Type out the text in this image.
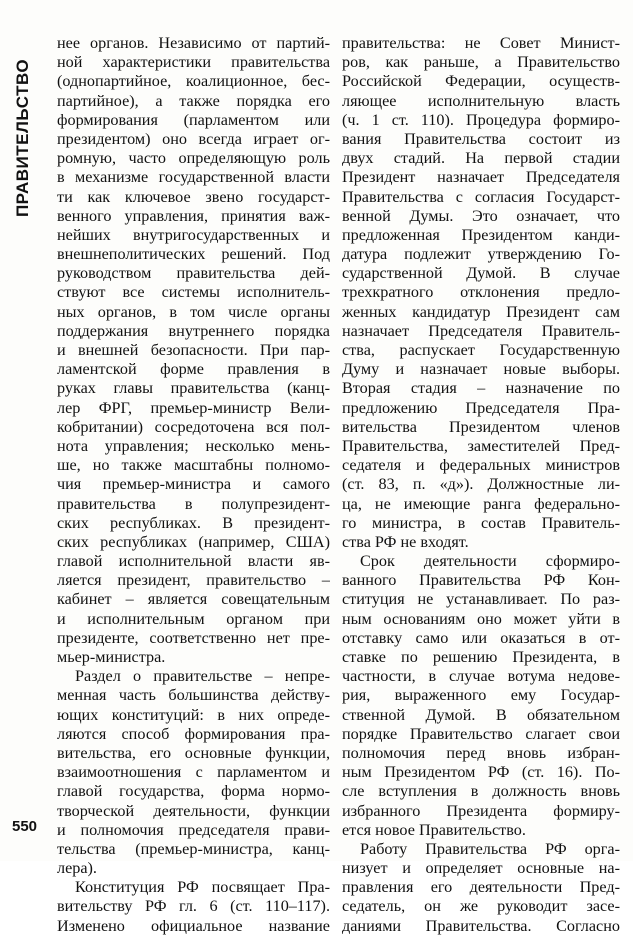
ПРАВИТЕЛЬСТВО
нее органов. Независимо от партий-
ной характеристики правительства
(однопартийное, коалиционное, бес-
партийное), а также порядка его
формирования (парламентом или
президентом) оно всегда играет ог-
ромную, часто определяющую роль
в механизме государственной власти
ти как ключевое звено государст-
венного управления, принятия важ-
нейших внутригосударственных и
внешнеполитических решений. Под
руководством правительства дей-
ствуют все системы исполнитель-
ных органов, в том числе органы
поддержания внутреннего порядка
и внешней безопасности. При пар-
ламентской форме правления в
руках главы правительства (канц-
лер ФРГ, премьер-министр Вели-
кобритании) сосредоточена вся пол-
нота управления; несколько мень-
ше, но также масштабны полномо-
чия премьер-министра и самого
правительства в полупрезидент-
ских республиках. В президент-
ских республиках (например, США)
главой исполнительной власти яв-
ляется президент, правительство –
кабинет – является совещательным
и исполнительным органом при
президенте, соответственно нет пре-
мьер-министра.
Раздел о правительстве – непре-
менная часть большинства действу-
ющих конституций: в них опреде-
ляются способ формирования пра-
вительства, его основные функции,
взаимоотношения с парламентом и
главой государства, форма нормо-
творческой деятельности, функции
и полномочия председателя прави-
тельства (премьер-министра, канц-
лера).
Конституция РФ посвящает Пра-
вительству РФ гл. 6 (ст. 110–117).
Изменено официальное название
правительства: не Совет Минист-
ров, как раньше, а Правительство
Российской Федерации, осуществ-
ляющее исполнительную власть
(ч. 1 ст. 110). Процедура формиро-
вания Правительства состоит из
двух стадий. На первой стадии
Президент назначает Председателя
Правительства с согласия Государст-
венной Думы. Это означает, что
предложенная Президентом канди-
датура подлежит утверждению Го-
сударственной Думой. В случае
трехкратного отклонения предло-
женных кандидатур Президент сам
назначает Председателя Правитель-
ства, распускает Государственную
Думу и назначает новые выборы.
Вторая стадия – назначение по
предложению Председателя Пра-
вительства Президентом членов
Правительства, заместителей Пред-
седателя и федеральных министров
(ст. 83, п. «д»). Должностные ли-
ца, не имеющие ранга федерально-
го министра, в состав Правитель-
ства РФ не входят.
Срок деятельности сформиро-
ванного Правительства РФ Кон-
ституция не устанавливает. По раз-
ным основаниям оно может уйти в
отставку само или оказаться в от-
ставке по решению Президента, в
частности, в случае вотума недове-
рия, выраженного ему Государ-
ственной Думой. В обязательном
порядке Правительство слагает свои
полномочия перед вновь избран-
ным Президентом РФ (ст. 16). По-
сле вступления в должность вновь
избранного Президента формиру-
ется новое Правительство.
Работу Правительства РФ орга-
низует и определяет основные на-
правления его деятельности Пред-
седатель, он же руководит засе-
даниями Правительства. Согласно
550
